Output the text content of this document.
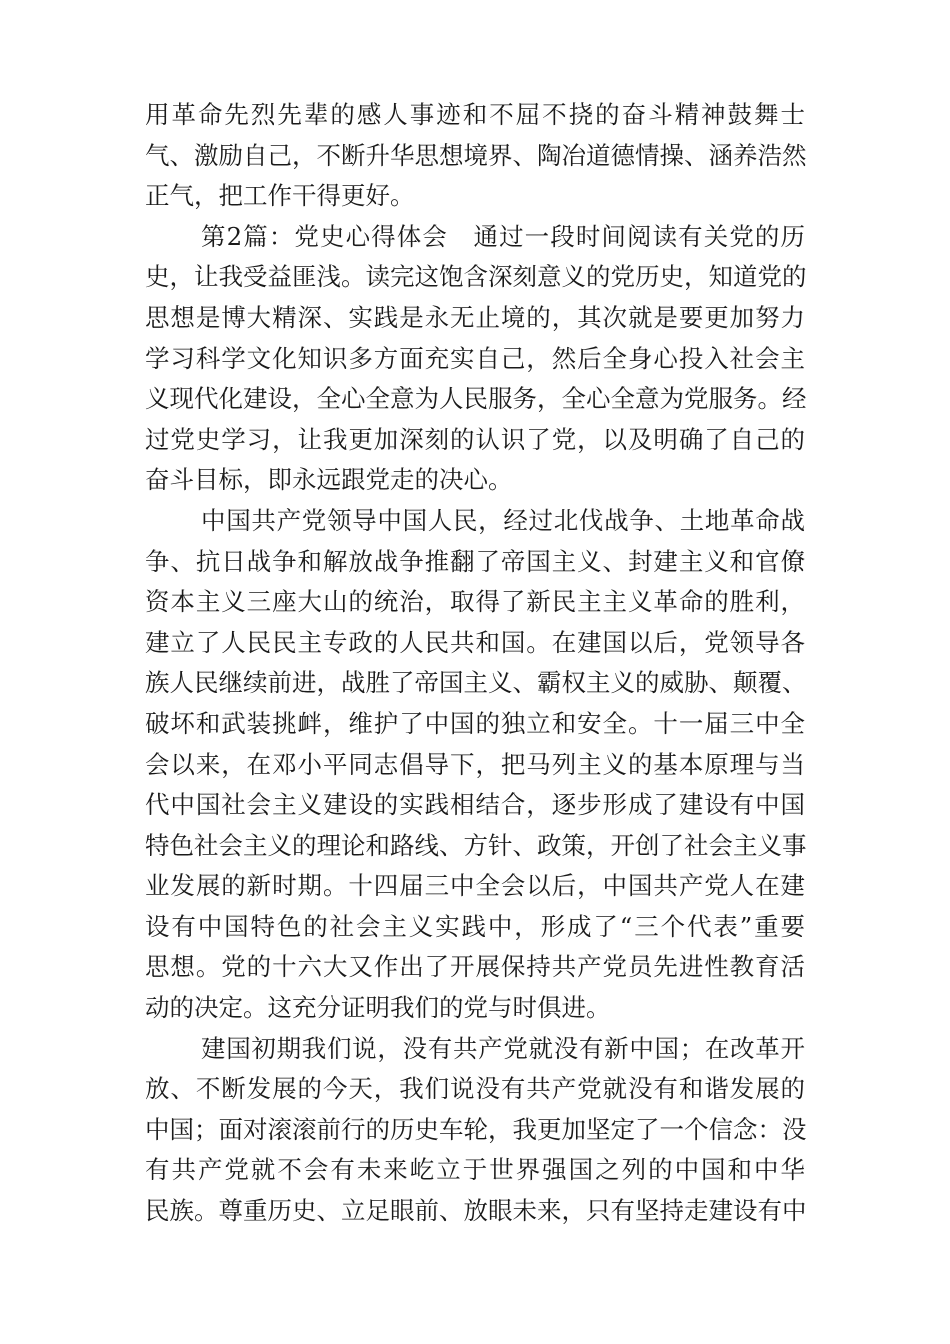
用革命先烈先辈的感人事迹和不屈不挠的奋斗精神鼓舞士
气、激励自己，不断升华思想境界、陶冶道德情操、涵养浩然
正气，把工作干得更好。
第2篇：党史心得体会　通过一段时间阅读有关党的历
史，让我受益匪浅。读完这饱含深刻意义的党历史，知道党的
思想是博大精深、实践是永无止境的，其次就是要更加努力
学习科学文化知识多方面充实自己，然后全身心投入社会主
义现代化建设，全心全意为人民服务，全心全意为党服务。经
过党史学习，让我更加深刻的认识了党，以及明确了自己的
奋斗目标，即永远跟党走的决心。
中国共产党领导中国人民，经过北伐战争、土地革命战
争、抗日战争和解放战争推翻了帝国主义、封建主义和官僚
资本主义三座大山的统治，取得了新民主主义革命的胜利，
建立了人民民主专政的人民共和国。在建国以后，党领导各
族人民继续前进，战胜了帝国主义、霸权主义的威胁、颠覆、
破坏和武装挑衅，维护了中国的独立和安全。十一届三中全
会以来，在邓小平同志倡导下，把马列主义的基本原理与当
代中国社会主义建设的实践相结合，逐步形成了建设有中国
特色社会主义的理论和路线、方针、政策，开创了社会主义事
业发展的新时期。十四届三中全会以后，中国共产党人在建
设有中国特色的社会主义实践中，形成了“三个代表”重要
思想。党的十六大又作出了开展保持共产党员先进性教育活
动的决定。这充分证明我们的党与时俱进。
建国初期我们说，没有共产党就没有新中国；在改革开
放、不断发展的今天，我们说没有共产党就没有和谐发展的
中国；面对滚滚前行的历史车轮，我更加坚定了一个信念：没
有共产党就不会有未来屹立于世界强国之列的中国和中华
民族。尊重历史、立足眼前、放眼未来，只有坚持走建设有中
